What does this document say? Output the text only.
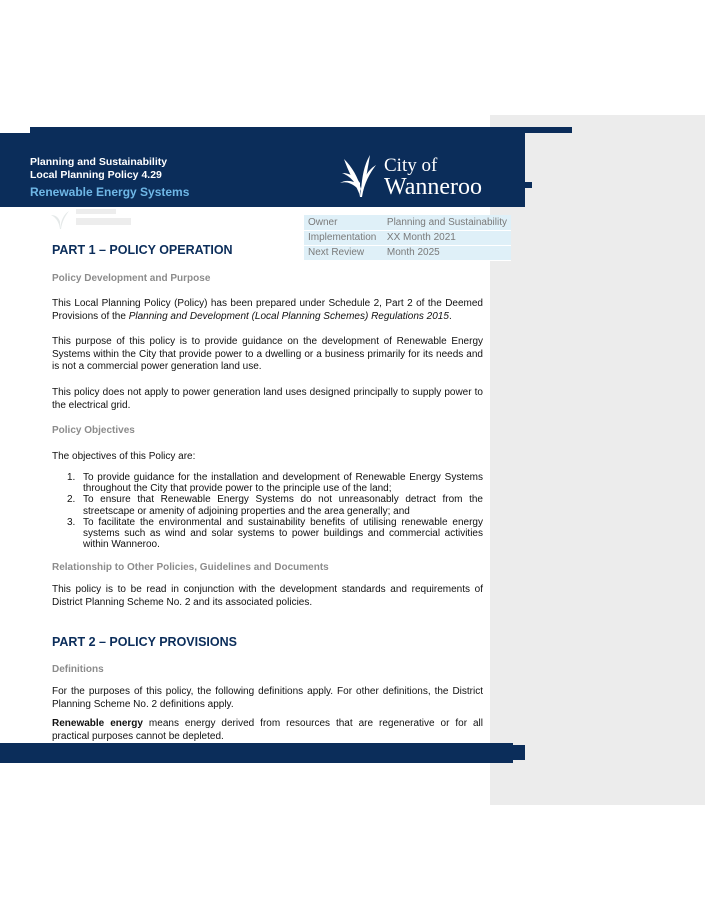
Planning and Sustainability
Local Planning Policy 4.29
Renewable Energy Systems
City of
Wanneroo
Owner	Planning and Sustainability
Implementation	XX Month 2021
Next Review	Month 2025
PART 1 – POLICY OPERATION
Policy Development and Purpose
This Local Planning Policy (Policy) has been prepared under Schedule 2, Part 2 of the Deemed Provisions of the Planning and Development (Local Planning Schemes) Regulations 2015.
This purpose of this policy is to provide guidance on the development of Renewable Energy Systems within the City that provide power to a dwelling or a business primarily for its needs and is not a commercial power generation land use.
This policy does not apply to power generation land uses designed principally to supply power to the electrical grid.
Policy Objectives
The objectives of this Policy are:
1. To provide guidance for the installation and development of Renewable Energy Systems throughout the City that provide power to the principle use of the land;
2. To ensure that Renewable Energy Systems do not unreasonably detract from the streetscape or amenity of adjoining properties and the area generally; and
3. To facilitate the environmental and sustainability benefits of utilising renewable energy systems such as wind and solar systems to power buildings and commercial activities within Wanneroo.
Relationship to Other Policies, Guidelines and Documents
This policy is to be read in conjunction with the development standards and requirements of District Planning Scheme No. 2 and its associated policies.
PART 2 – POLICY PROVISIONS
Definitions
For the purposes of this policy, the following definitions apply. For other definitions, the District Planning Scheme No. 2 definitions apply.
Renewable energy means energy derived from resources that are regenerative or for all practical purposes cannot be depleted.
